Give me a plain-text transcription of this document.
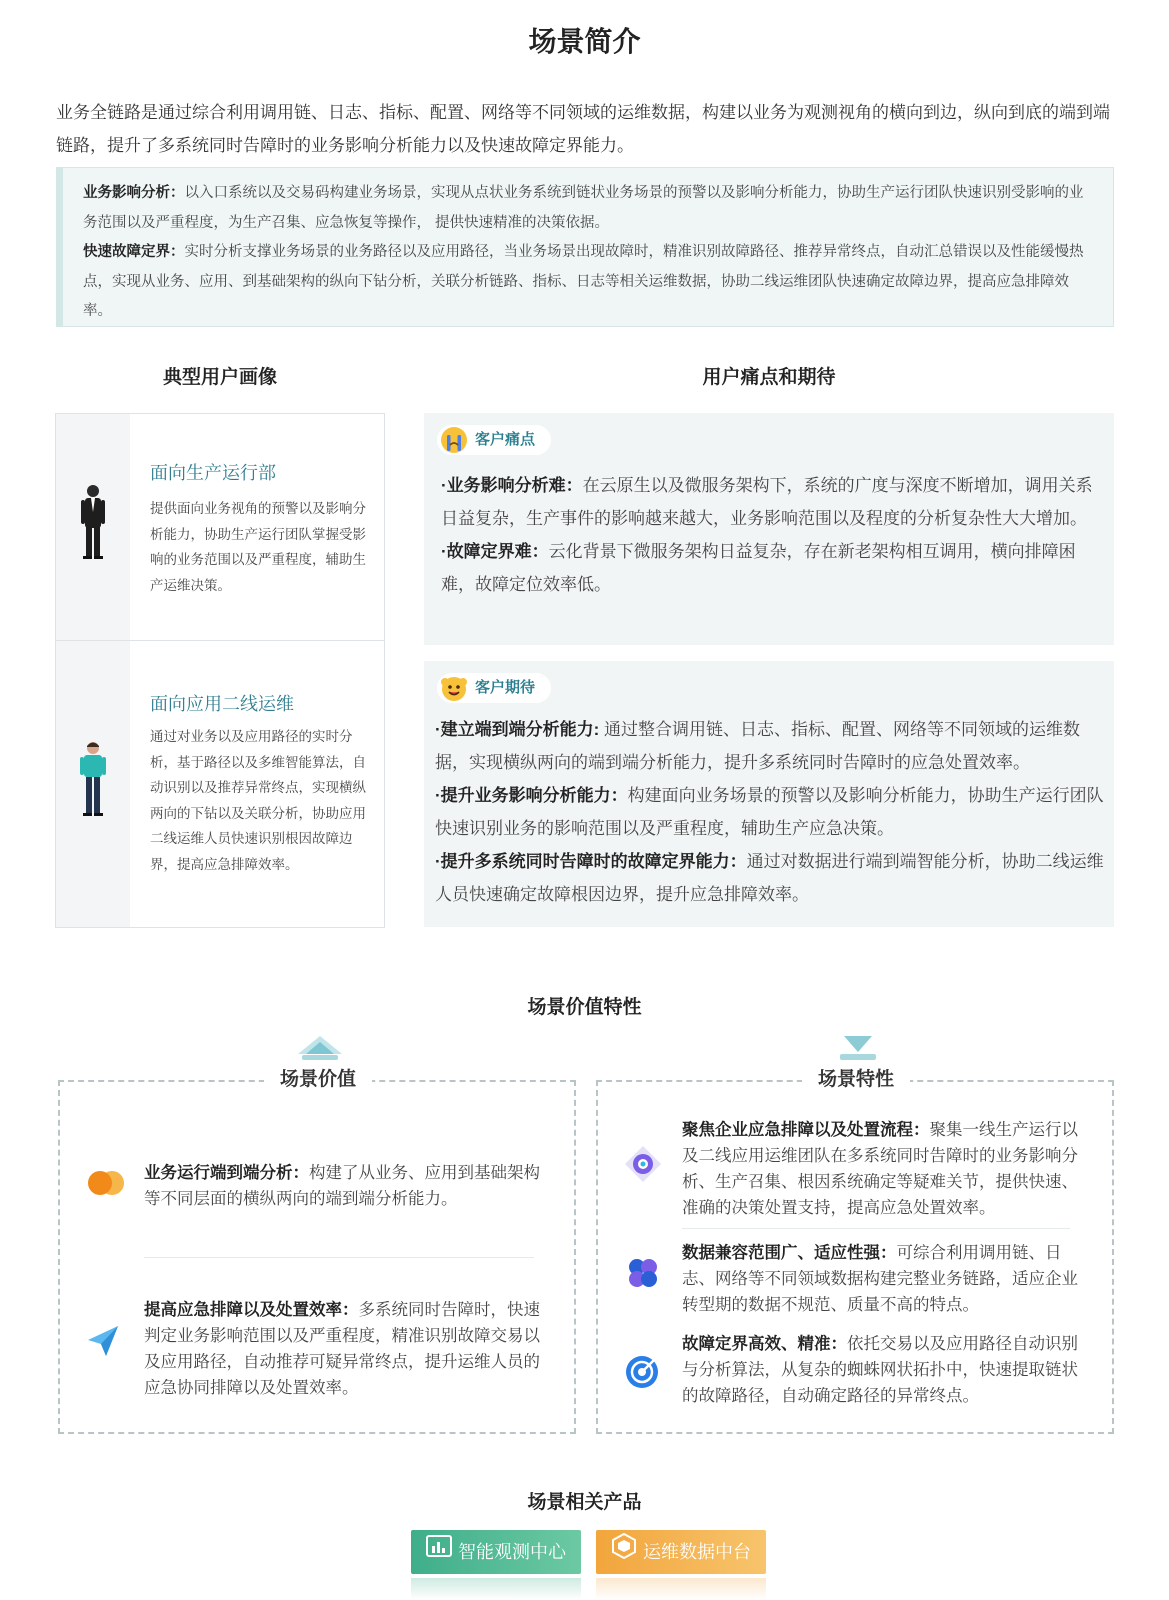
场景简介

业务全链路是通过综合利用调用链、日志、指标、配置、网络等不同领域的运维数据，构建以业务为观测视角的横向到边，纵向到底的端到端链路，提升了多系统同时告障时的业务影响分析能力以及快速故障定界能力。

业务影响分析：以入口系统以及交易码构建业务场景，实现从点状业务系统到链状业务场景的预警以及影响分析能力，协助生产运行团队快速识别受影响的业务范围以及严重程度，为生产召集、应急恢复等操作， 提供快速精准的决策依据。

快速故障定界：实时分析支撑业务场景的业务路径以及应用路径，当业务场景出现故障时，精准识别故障路径、推荐异常终点，自动汇总错误以及性能缓慢热点，实现从业务、应用、到基础架构的纵向下钻分析，关联分析链路、指标、日志等相关运维数据，协助二线运维团队快速确定故障边界，提高应急排障效率。

典型用户画像	用户痛点和期待
面向生产运行部
提供面向业务视角的预警以及影响分析能力，协助生产运行团队掌握受影响的业务范围以及严重程度，辅助生产运维决策。
面向应用二线运维
通过对业务以及应用路径的实时分析，基于路径以及多维智能算法，自动识别以及推荐异常终点，实现横纵两向的下钻以及关联分析，协助应用二线运维人员快速识别根因故障边界，提高应急排障效率。
客户痛点

·业务影响分析难：在云原生以及微服务架构下，系统的广度与深度不断增加，调用关系日益复杂，生产事件的影响越来越大，业务影响范围以及程度的分析复杂性大大增加。

·故障定界难：云化背景下微服务架构日益复杂，存在新老架构相互调用，横向排障困难，故障定位效率低。

客户期待

·建立端到端分析能力: 通过整合调用链、日志、指标、配置、网络等不同领域的运维数据，实现横纵两向的端到端分析能力，提升多系统同时告障时的应急处置效率。

·提升业务影响分析能力：构建面向业务场景的预警以及影响分析能力，协助生产运行团队快速识别业务的影响范围以及严重程度，辅助生产应急决策。

·提升多系统同时告障时的故障定界能力：通过对数据进行端到端智能分析，协助二线运维人员快速确定故障根因边界，提升应急排障效率。

场景价值特性
场景价值
业务运行端到端分析：构建了从业务、应用到基础架构等不同层面的横纵两向的端到端分析能力。
提高应急排障以及处置效率：多系统同时告障时，快速判定业务影响范围以及严重程度，精准识别故障交易以及应用路径，自动推荐可疑异常终点，提升运维人员的应急协同排障以及处置效率。
场景特性
聚焦企业应急排障以及处置流程：聚集一线生产运行以及二线应用运维团队在多系统同时告障时的业务影响分析、生产召集、根因系统确定等疑难关节，提供快速、准确的决策处置支持，提高应急处置效率。
数据兼容范围广、适应性强：可综合利用调用链、日志、网络等不同领域数据构建完整业务链路，适应企业转型期的数据不规范、质量不高的特点。
故障定界高效、精准：依托交易以及应用路径自动识别与分析算法，从复杂的蜘蛛网状拓扑中，快速提取链状的故障路径，自动确定路径的异常终点。
场景相关产品
智能观测中心	运维数据中台
